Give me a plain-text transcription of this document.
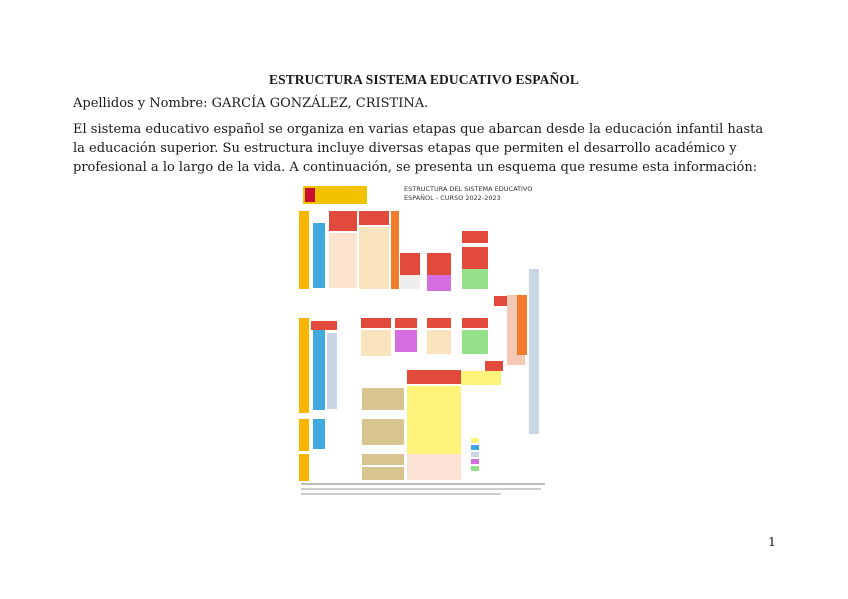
ESTRUCTURA SISTEMA EDUCATIVO ESPAÑOL
Apellidos y Nombre: GARCÍA GONZÁLEZ, CRISTINA.
El sistema educativo español se organiza en varias etapas que abarcan desde la educación infantil hasta la educación superior. Su estructura incluye diversas etapas que permiten el desarrollo académico y profesional a lo largo de la vida. A continuación, se presenta un esquema que resume esta información:
ESTRUCTURA DEL SISTEMA EDUCATIVO
ESPAÑOL - CURSO 2022-2023
1
